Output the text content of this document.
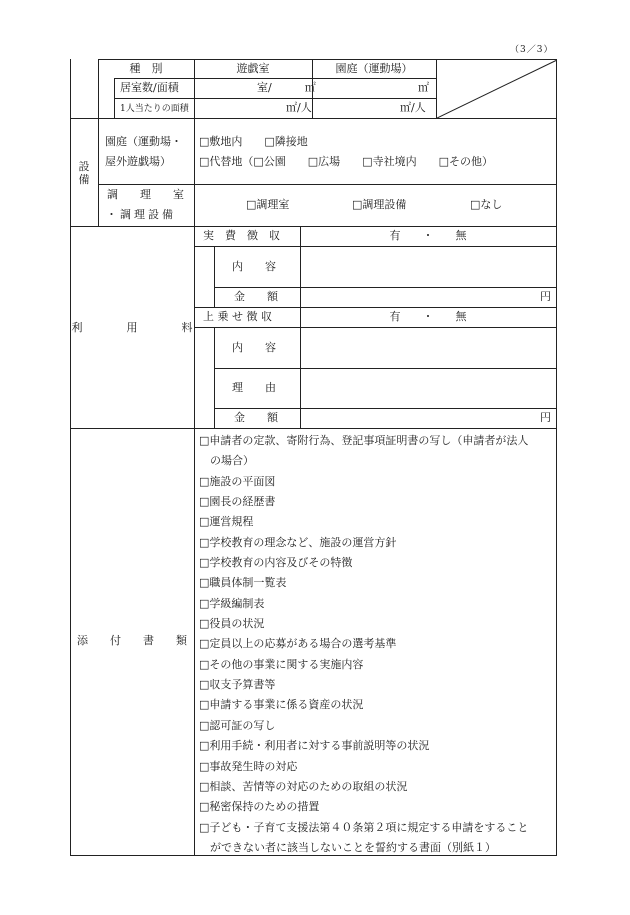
（3／3）
種　別	遊戯室	園庭（運動場）
居室数/面積	室/　　　㎡	㎡
1人当たりの面積	㎡/人	㎡/人
設
備
園庭（運動場・
屋外遊戯場）
□敷地内　　□隣接地
□代替地（□公園　　□広場　　□寺社境内　　□その他）
調　　理　　室
・調理設備
□調理室	□調理設備	□なし
利　　　　用　　　　料
実　費　徴　収	有　　・　　無
内　　容
金　　額	円
上 乗 せ 徴 収	有　　・　　無
内　　容
理　　由
金　　額	円
添　　付　　書　　類
□申請者の定款、寄附行為、登記事項証明書の写し（申請者が法人
　の場合）
□施設の平面図
□園長の経歴書
□運営規程
□学校教育の理念など、施設の運営方針
□学校教育の内容及びその特徴
□職員体制一覧表
□学級編制表
□役員の状況
□定員以上の応募がある場合の選考基準
□その他の事業に関する実施内容
□収支予算書等
□申請する事業に係る資産の状況
□認可証の写し
□利用手続・利用者に対する事前説明等の状況
□事故発生時の対応
□相談、苦情等の対応のための取組の状況
□秘密保持のための措置
□子ども・子育て支援法第４０条第２項に規定する申請をすること
　ができない者に該当しないことを誓約する書面（別紙１）
